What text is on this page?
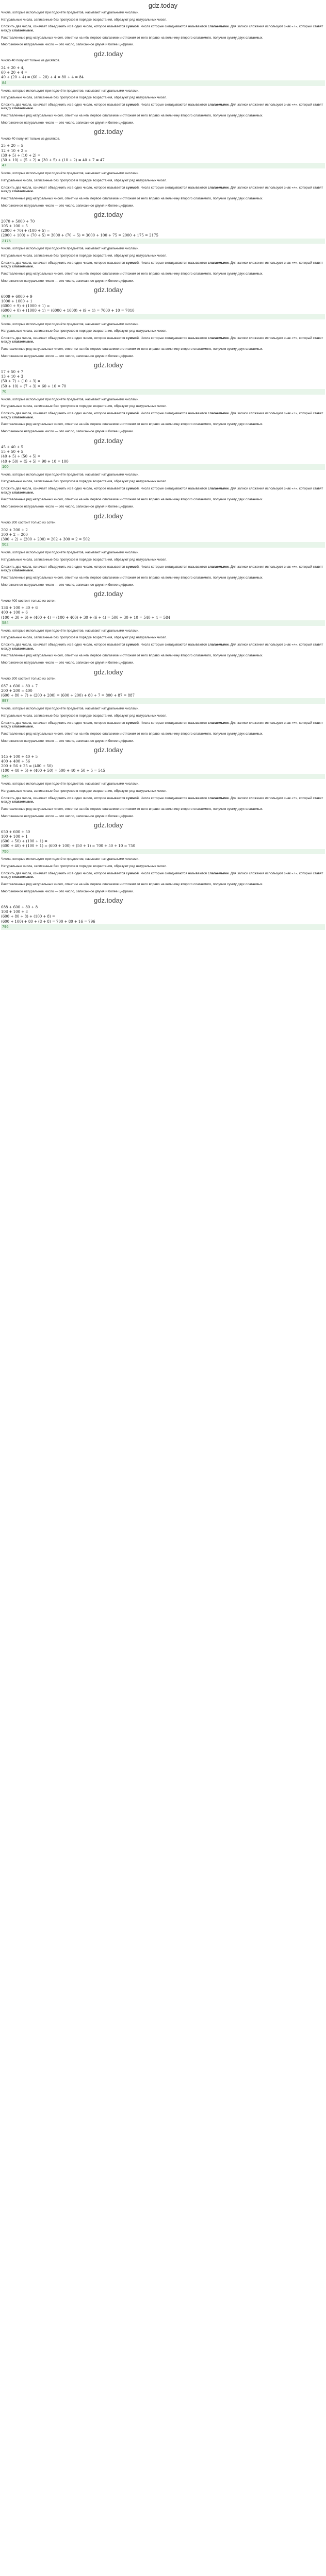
gdz.today
Числа, которые используют при подсчёте предметов, называют натуральными числами.
Натуральные числа, записанные без пропусков в порядке возрастания, образуют ряд натуральных чисел.
Сложить два числа, означает объединить их в одно число, которое называется суммой. Числа которые складываются называются слагаемыми. Для записи сложения используют знак «+», который ставят между слагаемыми.
Расставленные ряд натуральных чисел, отметим на нём первое слагаемое и отложим от него вправо на величину второго слагаемого, получим сумму двух слагаемых.
Многозначное натуральное число — это число, записанное двумя и более цифрами.
gdz.today
Число 40 получит только из десятков.
24 + 20 + 4,
60 + 20 + 4 =
40 + (20 + 4) = (60 + 20) + 4 = 80 + 4 = 84
84
Числа, которые используют при подсчёте предметов, называют натуральными числами.
Натуральные числа, записанные без пропусков в порядке возрастания, образуют ряд натуральных чисел.
Сложить два числа, означает объединить их в одно число, которое называется суммой. Числа которые складываются называются слагаемыми. Для записи сложения используют знак «+», который ставят между слагаемыми.
Расставленные ряд натуральных чисел, отметим на нём первое слагаемое и отложим от него вправо на величину второго слагаемого, получим сумму двух слагаемых.
Многозначное натуральное число — это число, записанное двумя и более цифрами.
gdz.today
Число 40 получит только из десятков.
25 + 20 = 5
12 + 10 + 2 =
(30 + 5) + (10 + 2) =
(30 + 10) + (5 + 2) = (30 + 5) + (10 + 2) = 40 + 7 = 47
47
Числа, которые используют при подсчёте предметов, называют натуральными числами.
Натуральные числа, записанные без пропусков в порядке возрастания, образуют ряд натуральных чисел.
Сложить два числа, означает объединить их в одно число, которое называется суммой. Числа которые складываются называются слагаемыми. Для записи сложения используют знак «+», который ставят между слагаемыми.
Расставленные ряд натуральных чисел, отметим на нём первое слагаемое и отложим от него вправо на величину второго слагаемого, получим сумму двух слагаемых.
Многозначное натуральное число — это число, записанное двумя и более цифрами.
gdz.today
2070 + 5000 + 70
105 + 100 + 5
(2000 + 70) + (100 + 5) =
(2000 + 100) + (70 + 5) = 3000 + (70 + 5) = 3000 + 100 + 75 = 2000 + 175 = 2175
2175
Числа, которые используют при подсчёте предметов, называют натуральными числами.
Натуральные числа, записанные без пропусков в порядке возрастания, образуют ряд натуральных чисел.
Сложить два числа, означает объединить их в одно число, которое называется суммой. Числа которые складываются называются слагаемыми. Для записи сложения используют знак «+», который ставят между слагаемыми.
Расставленные ряд натуральных чисел, отметим на нём первое слагаемое и отложим от него вправо на величину второго слагаемого, получим сумму двух слагаемых.
Многозначное натуральное число — это число, записанное двумя и более цифрами.
gdz.today
6009 + 6000 + 9
1000 + 1000 + 1
(6000 + 9) + (1000 + 1) =
(6000 + 0) + (1000 + 1) = (6000 + 1000) + (9 + 1) = 7000 + 10 = 7010
7010
Числа, которые используют при подсчёте предметов, называют натуральными числами.
Натуральные числа, записанные без пропусков в порядке возрастания, образуют ряд натуральных чисел.
Сложить два числа, означает объединить их в одно число, которое называется суммой. Числа которые складываются называются слагаемыми. Для записи сложения используют знак «+», который ставят между слагаемыми.
Расставленные ряд натуральных чисел, отметим на нём первое слагаемое и отложим от него вправо на величину второго слагаемого, получим сумму двух слагаемых.
Многозначное натуральное число — это число, записанное двумя и более цифрами.
gdz.today
57 + 50 + 7
13 + 10 + 3
(50 + 7) + (10 + 3) =
(50 + 10) + (7 + 3) = 60 + 10 = 70
70
Числа, которые используют при подсчёте предметов, называют натуральными числами.
Натуральные числа, записанные без пропусков в порядке возрастания, образуют ряд натуральных чисел.
Сложить два числа, означает объединить их в одно число, которое называется суммой. Числа которые складываются называются слагаемыми. Для записи сложения используют знак «+», который ставят между слагаемыми.
Расставленные ряд натуральных чисел, отметим на нём первое слагаемое и отложим от него вправо на величину второго слагаемого, получим сумму двух слагаемых.
Многозначное натуральное число — это число, записанное двумя и более цифрами.
gdz.today
45 + 40 + 5
55 + 50 + 5
(40 + 5) + (50 + 5) =
(40 + 50) + (5 + 5) = 90 + 10 = 100
100
Числа, которые используют при подсчёте предметов, называют натуральными числами.
Натуральные числа, записанные без пропусков в порядке возрастания, образуют ряд натуральных чисел.
Сложить два числа, означает объединить их в одно число, которое называется суммой. Числа которые складываются называются слагаемыми. Для записи сложения используют знак «+», который ставят между слагаемыми.
Расставленные ряд натуральных чисел, отметим на нём первое слагаемое и отложим от него вправо на величину второго слагаемого, получим сумму двух слагаемых.
Многозначное натуральное число — это число, записанное двумя и более цифрами.
gdz.today
Число 200 состоит только из сотен.
202 + 200 + 2
300 + 2 = 200
(300 + 2) + (200 + 200) = 202 + 300 = 2 = 502
502
Числа, которые используют при подсчёте предметов, называют натуральными числами.
Натуральные числа, записанные без пропусков в порядке возрастания, образуют ряд натуральных чисел.
Сложить два числа, означает объединить их в одно число, которое называется суммой. Числа которые складываются называются слагаемыми. Для записи сложения используют знак «+», который ставят между слагаемыми.
Расставленные ряд натуральных чисел, отметим на нём первое слагаемое и отложим от него вправо на величину второго слагаемого, получим сумму двух слагаемых.
Многозначное натуральное число — это число, записанное двумя и более цифрами.
gdz.today
Число 400 состоит только из сотен.
136 + 100 + 30 + 6
400 + 100 + 6
(100 + 30 + 6) + (400 + 4) = (100 + 400) + 30 + (6 + 4) = 500 + 30 + 10 = 540 + 4 = 584
584
Числа, которые используют при подсчёте предметов, называют натуральными числами.
Натуральные числа, записанные без пропусков в порядке возрастания, образуют ряд натуральных чисел.
Сложить два числа, означает объединить их в одно число, которое называется суммой. Числа которые складываются называются слагаемыми. Для записи сложения используют знак «+», который ставят между слагаемыми.
Расставленные ряд натуральных чисел, отметим на нём первое слагаемое и отложим от него вправо на величину второго слагаемого, получим сумму двух слагаемых.
Многозначное натуральное число — это число, записанное двумя и более цифрами.
gdz.today
Число 200 состоит только из сотен.
687 + 600 + 80 + 7
200 + 200 = 400
(600 + 80 + 7) + (200 + 200) = (600 + 200) + 80 + 7 = 800 + 87 = 887
887
Числа, которые используют при подсчёте предметов, называют натуральными числами.
Натуральные числа, записанные без пропусков в порядке возрастания, образуют ряд натуральных чисел.
Сложить два числа, означает объединить их в одно число, которое называется суммой. Числа которые складываются называются слагаемыми. Для записи сложения используют знак «+», который ставят между слагаемыми.
Расставленные ряд натуральных чисел, отметим на нём первое слагаемое и отложим от него вправо на величину второго слагаемого, получим сумму двух слагаемых.
Многозначное натуральное число — это число, записанное двумя и более цифрами.
gdz.today
145 + 100 + 40 + 5
400 + 400 + 56
200 + 56 + 25 = (400 + 50)
(100 + 40 + 5) + (400 + 50) = 500 + 40 + 50 + 5 = 545
545
Числа, которые используют при подсчёте предметов, называют натуральными числами.
Натуральные числа, записанные без пропусков в порядке возрастания, образуют ряд натуральных чисел.
Сложить два числа, означает объединить их в одно число, которое называется суммой. Числа которые складываются называются слагаемыми. Для записи сложения используют знак «+», который ставят между слагаемыми.
Расставленные ряд натуральных чисел, отметим на нём первое слагаемое и отложим от него вправо на величину второго слагаемого, получим сумму двух слагаемых.
Многозначное натуральное число — это число, записанное двумя и более цифрами.
gdz.today
650 + 600 + 50
100 + 100 + 1
(600 + 50) + (100 + 1) =
(600 + 40) + (100 + 1) = (600 + 100) + (50 + 1) = 700 + 50 + 10 = 750
750
Числа, которые используют при подсчёте предметов, называют натуральными числами.
Натуральные числа, записанные без пропусков в порядке возрастания, образуют ряд натуральных чисел.
Сложить два числа, означает объединить их в одно число, которое называется суммой. Числа которые складываются называются слагаемыми. Для записи сложения используют знак «+», который ставят между слагаемыми.
Расставленные ряд натуральных чисел, отметим на нём первое слагаемое и отложим от него вправо на величину второго слагаемого, получим сумму двух слагаемых.
Многозначное натуральное число — это число, записанное двумя и более цифрами.
gdz.today
688 + 600 + 80 + 8
108 + 100 + 8
(600 + 80 + 8) + (100 + 8) =
(600 + 100) + 80 + (8 + 8) = 700 + 80 + 16 = 796
796
